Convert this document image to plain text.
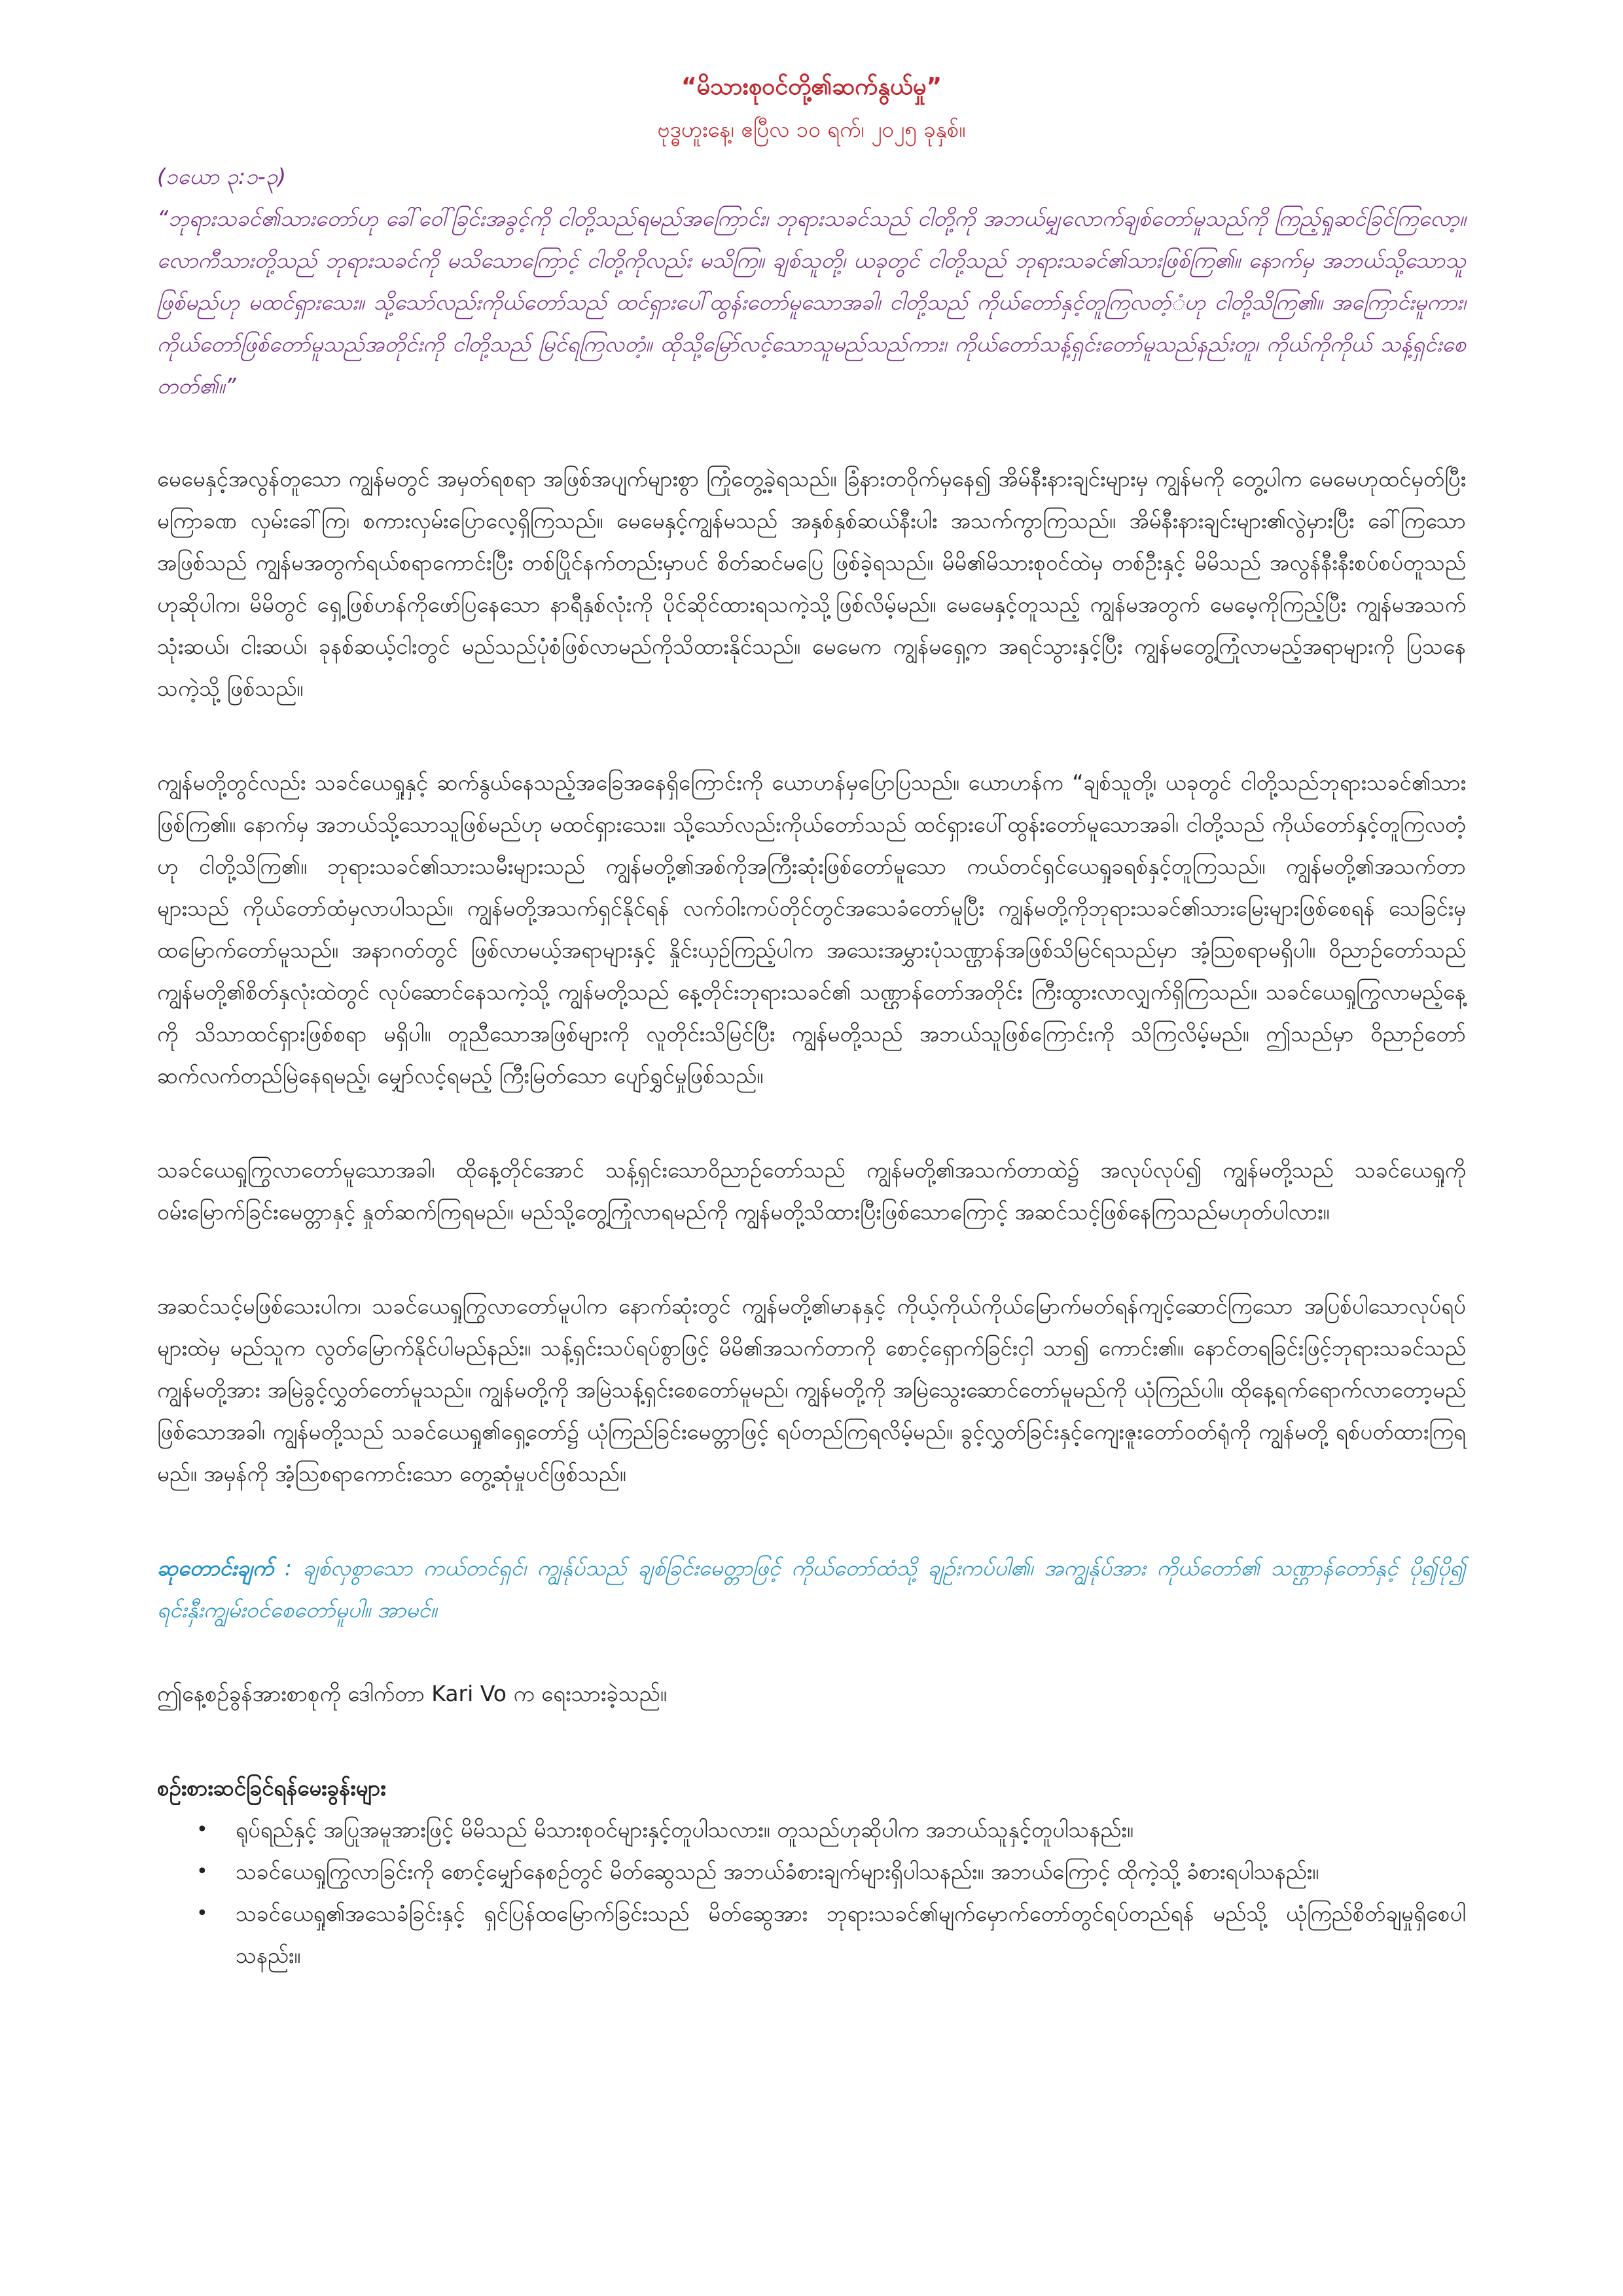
“မိသားစုဝင်တို့၏ဆက်နွယ်မှု”

ဗုဒ္ဓဟူးနေ့၊ ဧပြီလ ၁၀ ရက်၊ ၂၀၂၅ ခုနှစ်။

(၁ယော ၃:၁-၃)

“ဘုရားသခင်၏သားတော်ဟု ခေါ်ဝေါ်ခြင်းအခွင့်ကို ငါတို့သည်ရမည်အကြောင်း၊ ဘုရားသခင်သည် ငါတို့ကို အဘယ်မျှလောက်ချစ်တော်မူသည်ကို ကြည့်ရှုဆင်ခြင်ကြလော့။ လောကီသားတို့သည် ဘုရားသခင်ကို မသိသောကြောင့် ငါတို့ကိုလည်း မသိကြ။ ချစ်သူတို့၊ ယခုတွင် ငါတို့သည် ဘုရားသခင်၏သားဖြစ်ကြ၏။ နောက်မှ အဘယ်သို့သောသူဖြစ်မည်ဟု မထင်ရှားသေး။ သို့သော်လည်းကိုယ်တော်သည် ထင်ရှားပေါ်ထွန်းတော်မူသောအခါ၊ ငါတို့သည် ကိုယ်တော်နှင့်တူကြလတ့်ံဟု ငါတို့သိကြ၏။ အကြောင်းမူကား၊ ကိုယ်တော်ဖြစ်တော်မူသည်အတိုင်းကို ငါတို့သည် မြင်ရကြလတံ့။ ထိုသို့မြော်လင့်သောသူမည်သည်ကား၊ ကိုယ်တော်သန့်ရှင်းတော်မူသည်နည်းတူ၊ ကိုယ်ကိုကိုယ် သန့်ရှင်းစေတတ်၏။”

မေမေနှင့်အလွန်တူသော ကျွန်မတွင် အမှတ်ရစရာ အဖြစ်အပျက်များစွာ ကြုံတွေ့ခဲ့ရသည်။ ခြံနားတဝိုက်မှနေ၍ အိမ်နီးနားချင်းများမှ ကျွန်မကို တွေ့ပါက မေမေဟုထင်မှတ်ပြီး မကြာခဏ လှမ်းခေါ်ကြ၊ စကားလှမ်းပြောလေ့ရှိကြသည်။ မေမေနှင့်ကျွန်မသည် အနှစ်နှစ်ဆယ်နီးပါး အသက်ကွာကြသည်။ အိမ်နီးနားချင်းများ၏လွဲမှားပြီး ခေါ်ကြသောအဖြစ်သည် ကျွန်မအတွက်ရယ်စရာကောင်းပြီး တစ်ပြိုင်နက်တည်းမှာပင် စိတ်ဆင်မပြေ ဖြစ်ခဲ့ရသည်။ မိမိ၏မိသားစုဝင်ထဲမှ တစ်ဦးနှင့် မိမိသည် အလွန်နီးနီးစပ်စပ်တူသည်ဟုဆိုပါက၊ မိမိတွင် ရှေ့ဖြစ်ဟန်ကိုဖော်ပြနေသော နာရီနှစ်လုံးကို ပိုင်ဆိုင်ထားရသကဲ့သို့ဖြစ်လိမ့်မည်။ မေမေနှင့်တူသည့် ကျွန်မအတွက် မေမေ့ကိုကြည့်ပြီး ကျွန်မအသက်သုံးဆယ်၊ ငါးဆယ်၊ ခုနစ်ဆယ့်ငါးတွင် မည်သည်ပုံစံဖြစ်လာမည်ကိုသိထားနိုင်သည်။ မေမေက ကျွန်မရှေ့က အရင်သွားနှင့်ပြီး ကျွန်မတွေ့ကြုံလာမည့်အရာများကို ပြသနေသကဲ့သို့ ဖြစ်သည်။

ကျွန်မတို့တွင်လည်း သခင်ယေရှုနှင့် ဆက်နွယ်နေသည့်အခြေအနေရှိကြောင်းကို ယောဟန်မှပြောပြသည်။ ယောဟန်က “ချစ်သူတို့၊ ယခုတွင် ငါတို့သည်ဘုရားသခင်၏သားဖြစ်ကြ၏။ နောက်မှ အဘယ်သို့သောသူဖြစ်မည်ဟု မထင်ရှားသေး။ သို့သော်လည်းကိုယ်တော်သည် ထင်ရှားပေါ်ထွန်းတော်မူသောအခါ၊ ငါတို့သည် ကိုယ်တော်နှင့်တူကြလတံ့ဟု ငါတို့သိကြ၏။ ဘုရားသခင်၏သားသမီးများသည် ကျွန်မတို့၏အစ်ကိုအကြီးဆုံးဖြစ်တော်မူသော ကယ်တင်ရှင်ယေရှုခရစ်နှင့်တူကြသည်။ ကျွန်မတို့၏အသက်တာများသည် ကိုယ်တော်ထံမှလာပါသည်။ ကျွန်မတို့အသက်ရှင်နိုင်ရန် လက်ဝါးကပ်တိုင်တွင်အသေခံတော်မူပြီး ကျွန်မတို့ကိုဘုရားသခင်၏သားမြေးများဖြစ်စေရန် သေခြင်းမှထမြောက်တော်မူသည်။ အနာဂတ်တွင် ဖြစ်လာမယ့်အရာများနှင့် နှိုင်းယှဉ်ကြည့်ပါက အသေးအမွှားပုံသဏ္ဌာန်အဖြစ်သိမြင်ရသည်မှာ အံ့ဩစရာမရှိပါ။ ဝိညာဉ်တော်သည် ကျွန်မတို့၏စိတ်နှလုံးထဲတွင် လုပ်ဆောင်နေသကဲ့သို့ ကျွန်မတို့သည် နေ့တိုင်းဘုရားသခင်၏ သဏ္ဌာန်တော်အတိုင်း ကြီးထွားလာလျှက်ရှိကြသည်။ သခင်ယေရှုကြွလာမည့်နေ့ကို သိသာထင်ရှားဖြစ်စရာ မရှိပါ။ တူညီသောအဖြစ်များကို လူတိုင်းသိမြင်ပြီး ကျွန်မတို့သည် အဘယ်သူဖြစ်ကြောင်းကို သိကြလိမ့်မည်။ ဤသည်မှာ ဝိညာဉ်တော် ဆက်လက်တည်မြဲနေရမည့်၊ မျှော်လင့်ရမည့် ကြီးမြတ်သော ပျော်ရွှင်မှုဖြစ်သည်။

သခင်ယေရှုကြွလာတော်မူသောအခါ၊ ထိုနေ့တိုင်အောင် သန့်ရှင်းသောဝိညာဉ်တော်သည် ကျွန်မတို့၏အသက်တာထဲ၌ အလုပ်လုပ်၍ ကျွန်မတို့သည် သခင်ယေရှုကို ဝမ်းမြောက်ခြင်းမေတ္တာနှင့် နှုတ်ဆက်ကြရမည်။ မည်သို့တွေ့ကြုံလာရမည်ကို ကျွန်မတို့သိထားပြီးဖြစ်သောကြောင့် အဆင်သင့်ဖြစ်နေကြသည်မဟုတ်ပါလား။

အဆင်သင့်မဖြစ်သေးပါက၊ သခင်ယေရှုကြွလာတော်မူပါက နောက်ဆုံးတွင် ကျွန်မတို့၏မာနနှင့် ကိုယ့်ကိုယ်ကိုယ်မြောက်မတ်ရန်ကျင့်ဆောင်ကြသော အပြစ်ပါသောလုပ်ရပ်များထဲမှ မည်သူက လွတ်မြောက်နိုင်ပါမည်နည်း။ သန့်ရှင်းသပ်ရပ်စွာဖြင့် မိမိ၏အသက်တာကို စောင့်ရှောက်ခြင်းငှါ သာ၍ ကောင်း၏။ နောင်တရခြင်းဖြင့်ဘုရားသခင်သည် ကျွန်မတို့အား အမြဲခွင့်လွှတ်တော်မူသည်။ ကျွန်မတို့ကို အမြဲသန့်ရှင်းစေတော်မူမည်၊ ကျွန်မတို့ကို အမြဲသွေးဆောင်တော်မူမည်ကို ယုံကြည်ပါ။ ထိုနေ့ရက်ရောက်လာတော့မည်ဖြစ်သောအခါ၊ ကျွန်မတို့သည် သခင်ယေရှု၏ရှေ့တော်၌ ယုံကြည်ခြင်းမေတ္တာဖြင့် ရပ်တည်ကြရလိမ့်မည်။ ခွင့်လွှတ်ခြင်းနှင့်ကျေးဇူးတော်ဝတ်ရုံကို ကျွန်မတို့ ရစ်ပတ်ထားကြရမည်။ အမှန်ကို အံ့ဩစရာကောင်းသော တွေ့ဆုံမှုပင်ဖြစ်သည်။

ဆုတောင်းချက် : ချစ်လှစွာသော ကယ်တင်ရှင်၊ ကျွန်ုပ်သည် ချစ်ခြင်းမေတ္တာဖြင့် ကိုယ်တော်ထံသို့ ချဉ်းကပ်ပါ၏၊ အကျွန်ုပ်အား ကိုယ်တော်၏ သဏ္ဌာန်တော်နှင့် ပို၍ပို၍ ရင်းနှီးကျွမ်းဝင်စေတော်မူပါ။ အာမင်။

ဤနေ့စဉ်ခွန်အားစာစုကို ဒေါက်တာ Kari Vo က ရေးသားခဲ့သည်။

စဉ်းစားဆင်ခြင်ရန်မေးခွန်းများ

• ရုပ်ရည်နှင့် အပြုအမူအားဖြင့် မိမိသည် မိသားစုဝင်များနှင့်တူပါသလား။ တူသည်ဟုဆိုပါက အဘယ်သူနှင့်တူပါသနည်း။
• သခင်ယေရှုကြွလာခြင်းကို စောင့်မျှော်နေစဉ်တွင် မိတ်ဆွေသည် အဘယ်ခံစားချက်များရှိပါသနည်း။ အဘယ်ကြောင့် ထိုကဲ့သို့ ခံစားရပါသနည်း။
• သခင်ယေရှု၏အသေခံခြင်းနှင့် ရှင်ပြန်ထမြောက်ခြင်းသည် မိတ်ဆွေအား ဘုရားသခင်၏မျက်မှောက်တော်တွင်ရပ်တည်ရန် မည်သို့ ယုံကြည်စိတ်ချမှုရှိစေပါသနည်း။
